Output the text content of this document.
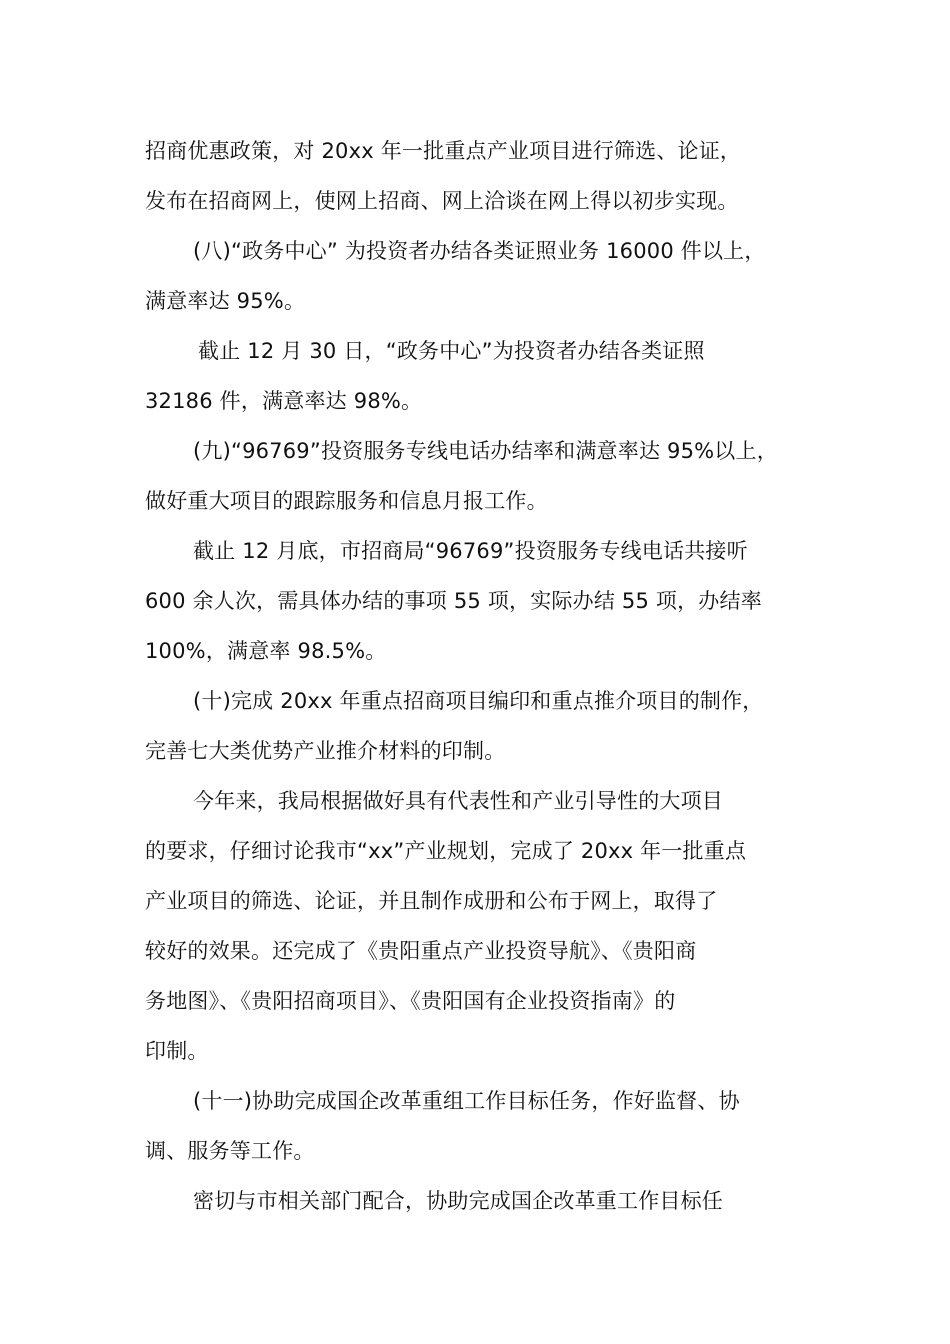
招商优惠政策，对 20xx 年一批重点产业项目进行筛选、论证，
发布在招商网上，使网上招商、网上洽谈在网上得以初步实现。
(八)“政务中心” 为投资者办结各类证照业务 16000 件以上，
满意率达 95%。
截止 12 月 30 日，“政务中心”为投资者办结各类证照
32186 件，满意率达 98%。
(九)“96769”投资服务专线电话办结率和满意率达 95%以上，
做好重大项目的跟踪服务和信息月报工作。
截止 12 月底，市招商局“96769”投资服务专线电话共接听
600 余人次，需具体办结的事项 55 项，实际办结 55 项，办结率
100%，满意率 98.5%。
(十)完成 20xx 年重点招商项目编印和重点推介项目的制作，
完善七大类优势产业推介材料的印制。
今年来，我局根据做好具有代表性和产业引导性的大项目
的要求，仔细讨论我市“xx”产业规划，完成了 20xx 年一批重点
产业项目的筛选、论证，并且制作成册和公布于网上，取得了
较好的效果。还完成了《贵阳重点产业投资导航》、《贵阳商
务地图》、《贵阳招商项目》、《贵阳国有企业投资指南》的
印制。
(十一)协助完成国企改革重组工作目标任务，作好监督、协
调、服务等工作。
密切与市相关部门配合，协助完成国企改革重工作目标任
